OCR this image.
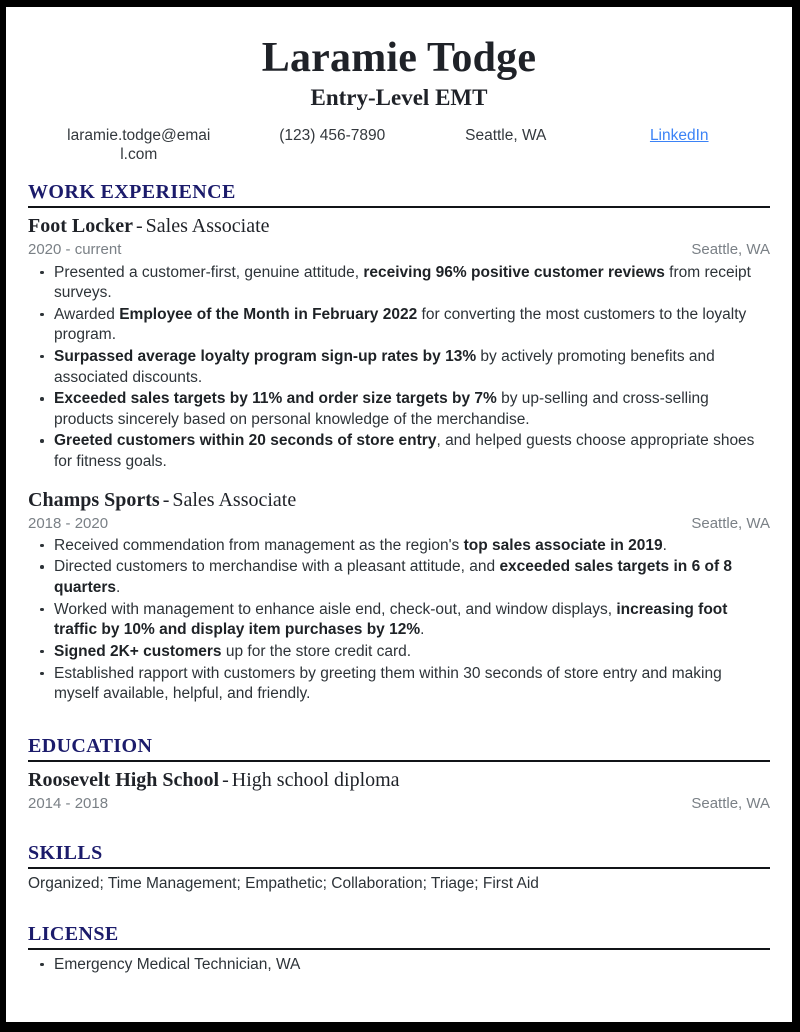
Laramie Todge
Entry-Level EMT
laramie.todge@email.com
(123) 456-7890	Seattle, WA	LinkedIn
WORK EXPERIENCE
Foot Locker - Sales Associate
2020 - current	Seattle, WA
Presented a customer-first, genuine attitude, receiving 96% positive customer reviews from receipt surveys.
Awarded Employee of the Month in February 2022 for converting the most customers to the loyalty program.
Surpassed average loyalty program sign-up rates by 13% by actively promoting benefits and associated discounts.
Exceeded sales targets by 11% and order size targets by 7% by up-selling and cross-selling products sincerely based on personal knowledge of the merchandise.
Greeted customers within 20 seconds of store entry, and helped guests choose appropriate shoes for fitness goals.
Champs Sports - Sales Associate
2018 - 2020	Seattle, WA
Received commendation from management as the region's top sales associate in 2019.
Directed customers to merchandise with a pleasant attitude, and exceeded sales targets in 6 of 8 quarters.
Worked with management to enhance aisle end, check-out, and window displays, increasing foot traffic by 10% and display item purchases by 12%.
Signed 2K+ customers up for the store credit card.
Established rapport with customers by greeting them within 30 seconds of store entry and making myself available, helpful, and friendly.
EDUCATION
Roosevelt High School - High school diploma
2014 - 2018	Seattle, WA
SKILLS
Organized; Time Management; Empathetic; Collaboration; Triage; First Aid
LICENSE
Emergency Medical Technician, WA
